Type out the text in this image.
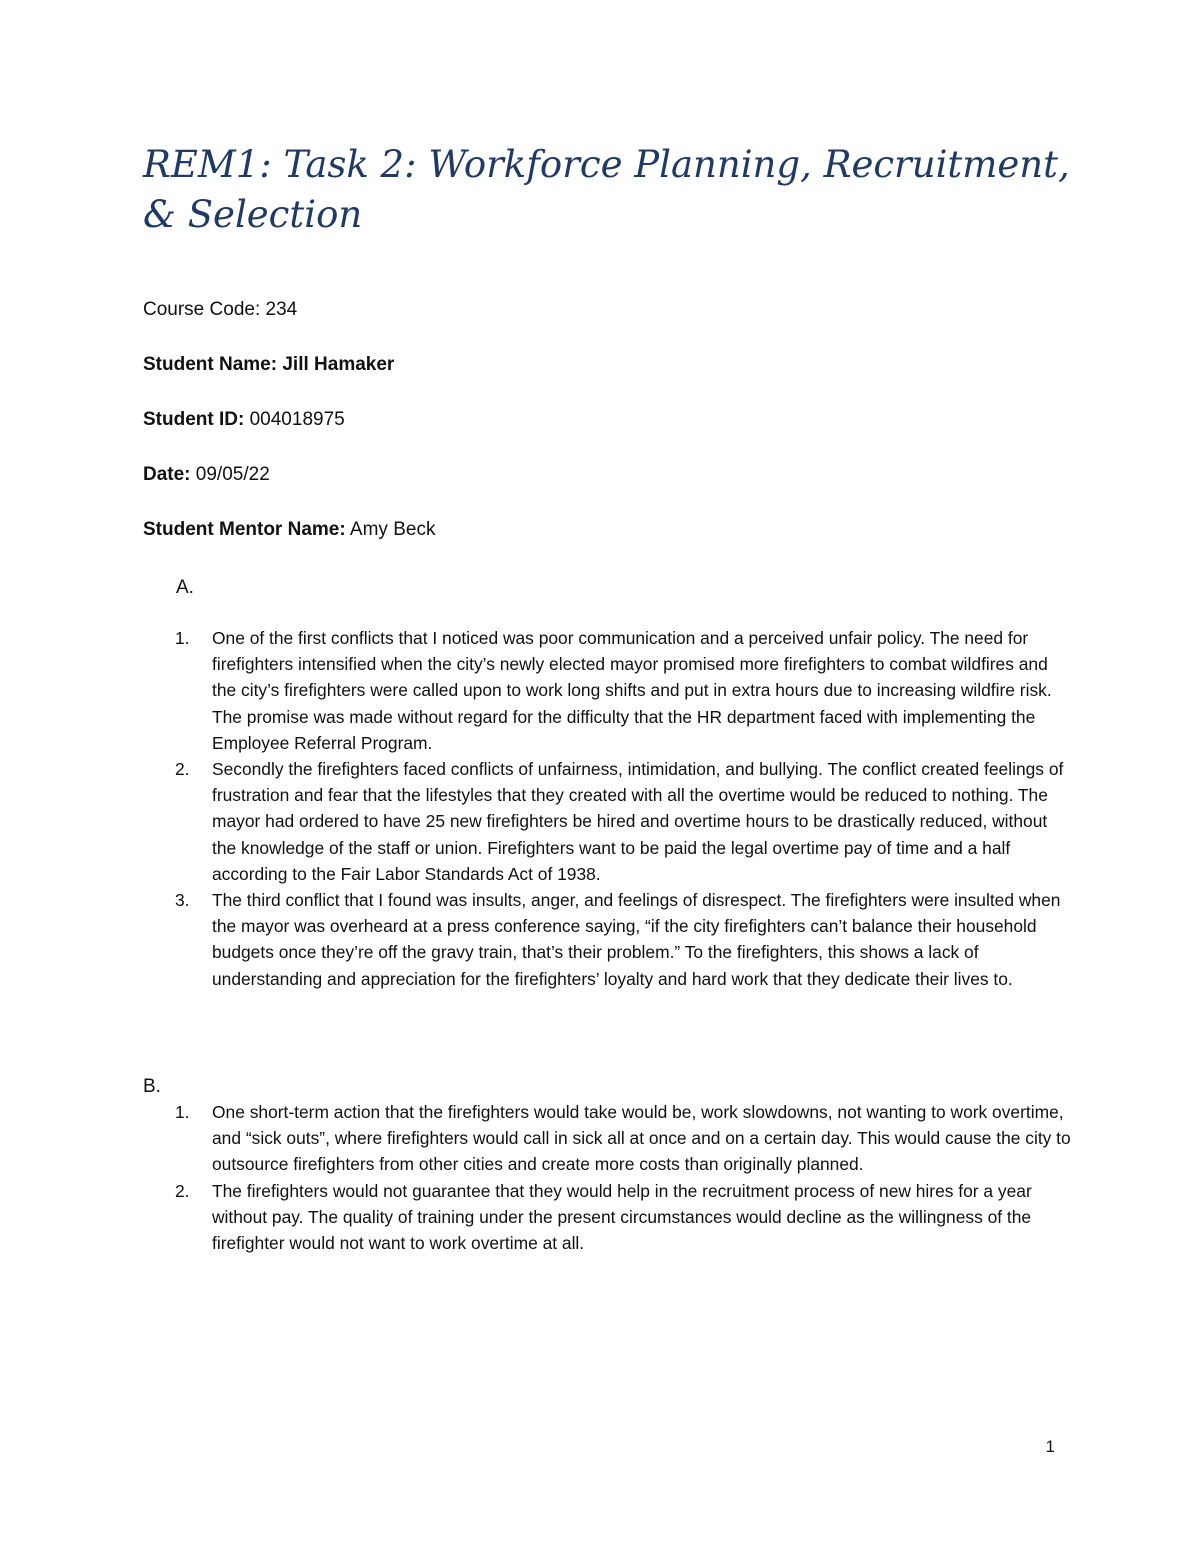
REM1: Task 2: Workforce Planning, Recruitment, & Selection

Course Code: 234

Student Name: Jill Hamaker

Student ID: 004018975

Date: 09/05/22

Student Mentor Name: Amy Beck

A.

1. One of the first conflicts that I noticed was poor communication and a perceived unfair policy. The need for firefighters intensified when the city’s newly elected mayor promised more firefighters to combat wildfires and the city’s firefighters were called upon to work long shifts and put in extra hours due to increasing wildfire risk. The promise was made without regard for the difficulty that the HR department faced with implementing the Employee Referral Program.
2. Secondly the firefighters faced conflicts of unfairness, intimidation, and bullying. The conflict created feelings of frustration and fear that the lifestyles that they created with all the overtime would be reduced to nothing. The mayor had ordered to have 25 new firefighters be hired and overtime hours to be drastically reduced, without the knowledge of the staff or union. Firefighters want to be paid the legal overtime pay of time and a half according to the Fair Labor Standards Act of 1938.
3. The third conflict that I found was insults, anger, and feelings of disrespect. The firefighters were insulted when the mayor was overheard at a press conference saying, “if the city firefighters can’t balance their household budgets once they’re off the gravy train, that’s their problem.” To the firefighters, this shows a lack of understanding and appreciation for the firefighters’ loyalty and hard work that they dedicate their lives to.

B.

1. One short-term action that the firefighters would take would be, work slowdowns, not wanting to work overtime, and “sick outs”, where firefighters would call in sick all at once and on a certain day. This would cause the city to outsource firefighters from other cities and create more costs than originally planned.
2. The firefighters would not guarantee that they would help in the recruitment process of new hires for a year without pay. The quality of training under the present circumstances would decline as the willingness of the firefighter would not want to work overtime at all.

1
